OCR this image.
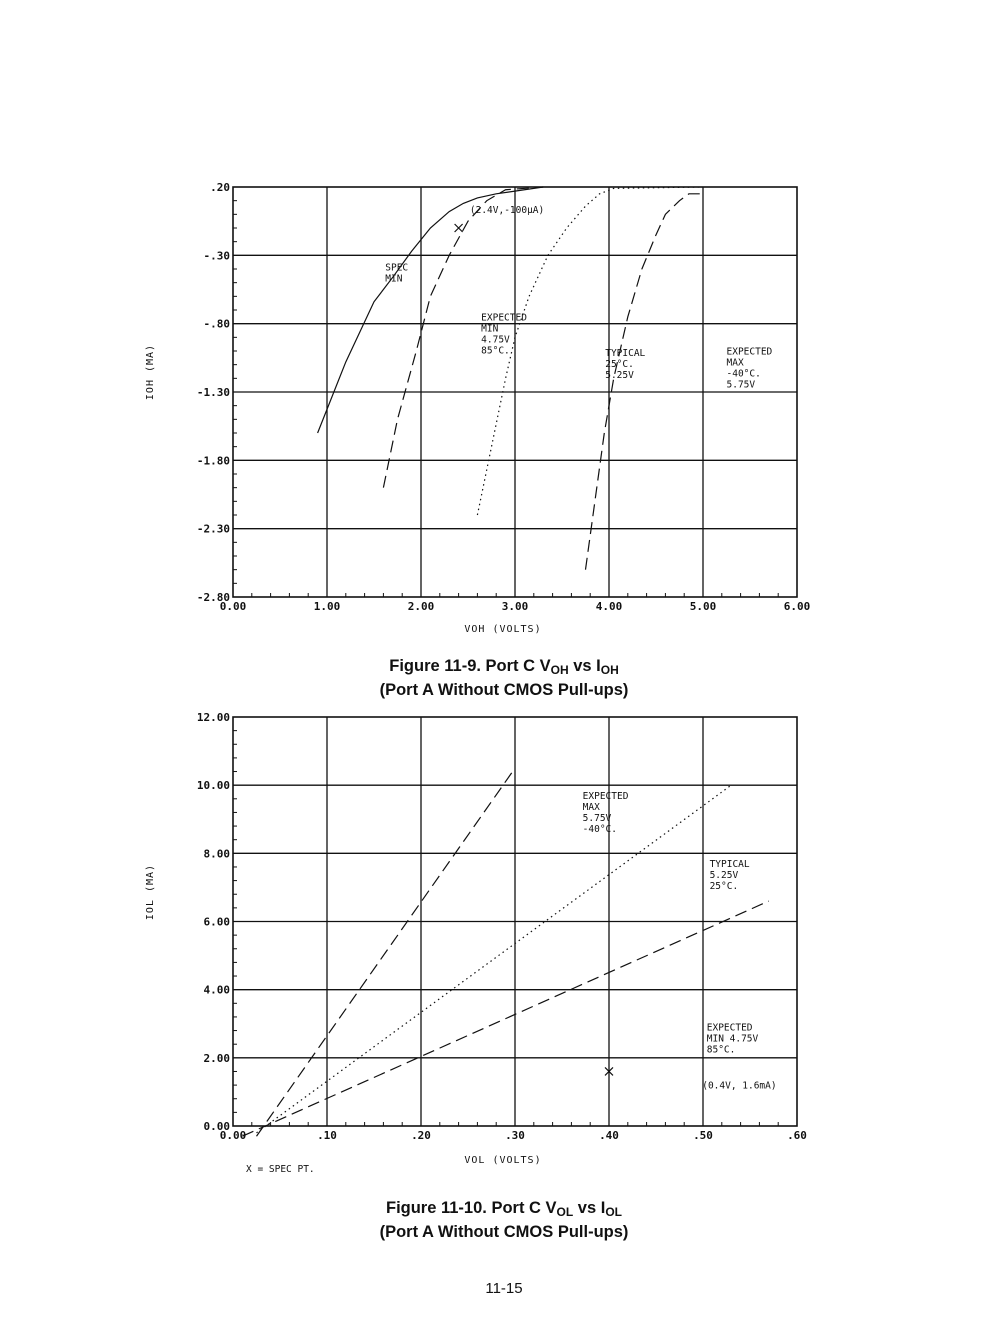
0.00	1.00	2.00	3.00	4.00	5.00	6.00
.20
-.30
-.80
-1.30
-1.80
-2.30
-2.80
VOH (VOLTS)
IOH (MA)
(2.4V,-100µA)
SPEC
MIN
EXPECTED
MIN
4.75V
85°C.	TYPICAL
25°C.
5.25V
EXPECTED
MAX
-40°C.
5.75V
0.00	.10	.20	.30	.40	.50	.60
0.00
2.00
4.00
6.00
8.00
10.00
12.00
VOL (VOLTS)
IOL (MA)
(0.4V, 1.6mA)
EXPECTED
MAX
5.75V
-40°C.
TYPICAL
5.25V
25°C.
EXPECTED
MIN 4.75V
85°C.
X = SPEC PT.
Figure 11-9. Port C $V_{OH}$ vs $I_{OH}$
(Port A Without CMOS Pull-ups)
Figure 11-10. Port C $V_{OL}$ vs $I_{OL}$
(Port A Without CMOS Pull-ups)
11-15
